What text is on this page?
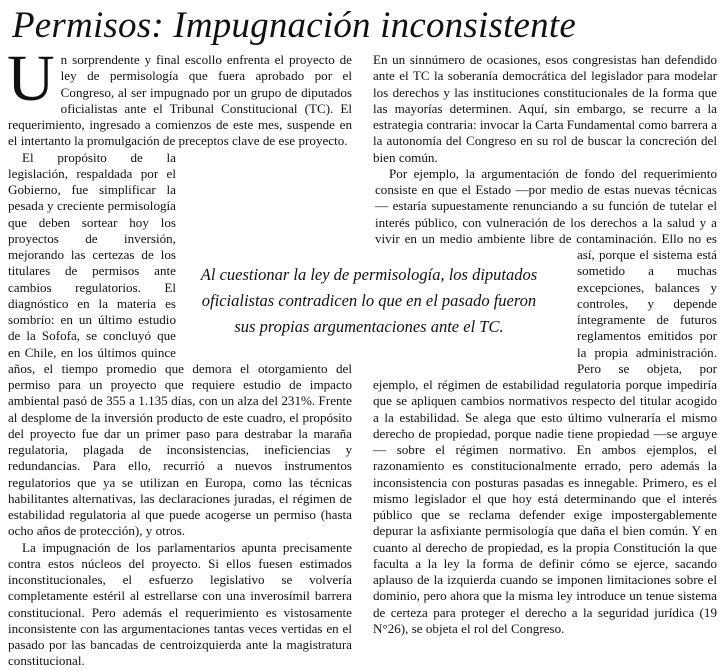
Permisos: Impugnación inconsistente

Un sorprendente y final escollo enfrenta el proyecto de ley de permisología que fuera aprobado por el Congreso, al ser impugnado por un grupo de diputados oficialistas ante el Tribunal Constitucional (TC). El requerimiento, ingresado a comienzos de este mes, suspende en el intertanto la promulgación de preceptos clave de ese proyecto.

El propósito de la legislación, respaldada por el Gobierno, fue simplificar la pesada y creciente permisología que deben sortear hoy los proyectos de inversión, mejorando las certezas de los titulares de permisos ante cambios regulatorios. El diagnóstico en la materia es sombrío: en un último estudio de la Sofofa, se concluyó que en Chile, en los últimos quince años, el tiempo promedio que demora el otorgamiento del permiso para un proyecto que requiere estudio de impacto ambiental pasó de 355 a 1.135 días, con un alza del 231%. Frente al desplome de la inversión producto de este cuadro, el propósito del proyecto fue dar un primer paso para destrabar la maraña regulatoria, plagada de inconsistencias, ineficiencias y redundancias. Para ello, recurrió a nuevos instrumentos regulatorios que ya se utilizan en Europa, como las técnicas habilitantes alternativas, las declaraciones juradas, el régimen de estabilidad regulatoria al que puede acogerse un permiso (hasta ocho años de protección), y otros.

La impugnación de los parlamentarios apunta precisamente contra estos núcleos del proyecto. Si ellos fuesen estimados inconstitucionales, el esfuerzo legislativo se volvería completamente estéril al estrellarse con una inverosímil barrera constitucional. Pero además el requerimiento es vistosamente inconsistente con las argumentaciones tantas veces vertidas en el pasado por las bancadas de centroizquierda ante la magistratura constitucional.

En un sinnúmero de ocasiones, esos congresistas han defendido ante el TC la soberanía democrática del legislador para modelar los derechos y las instituciones constitucionales de la forma que las mayorías determinen. Aquí, sin embargo, se recurre a la estrategia contraria: invocar la Carta Fundamental como barrera a la autonomía del Congreso en su rol de buscar la concreción del bien común.

Por ejemplo, la argumentación de fondo del requerimiento consiste en que el Estado —por medio de estas nuevas técnicas— estaría supuestamente renunciando a su función de tutelar el interés público, con vulneración de los derechos a la salud y a vivir en un medio ambiente libre de contaminación. Ello no es así, porque el sistema está sometido a muchas excepciones, balances y controles, y depende íntegramente de futuros reglamentos emitidos por la propia administración. Pero se objeta, por ejemplo, el régimen de estabilidad regulatoria porque impediría que se apliquen cambios normativos respecto del titular acogido a la estabilidad. Se alega que esto último vulneraría el mismo derecho de propiedad, porque nadie tiene propiedad —se arguye— sobre el régimen normativo. En ambos ejemplos, el razonamiento es constitucionalmente errado, pero además la inconsistencia con posturas pasadas es innegable. Primero, es el mismo legislador el que hoy está determinando que el interés público que se reclama defender exige impostergablemente depurar la asfixiante permisología que daña el bien común. Y en cuanto al derecho de propiedad, es la propia Constitución la que faculta a la ley la forma de definir cómo se ejerce, sacando aplauso de la izquierda cuando se imponen limitaciones sobre el dominio, pero ahora que la misma ley introduce un tenue sistema de certeza para proteger el derecho a la seguridad jurídica (19 N°26), se objeta el rol del Congreso.

Al cuestionar la ley de permisología, los diputados oficialistas contradicen lo que en el pasado fueron sus propias argumentaciones ante el TC.
